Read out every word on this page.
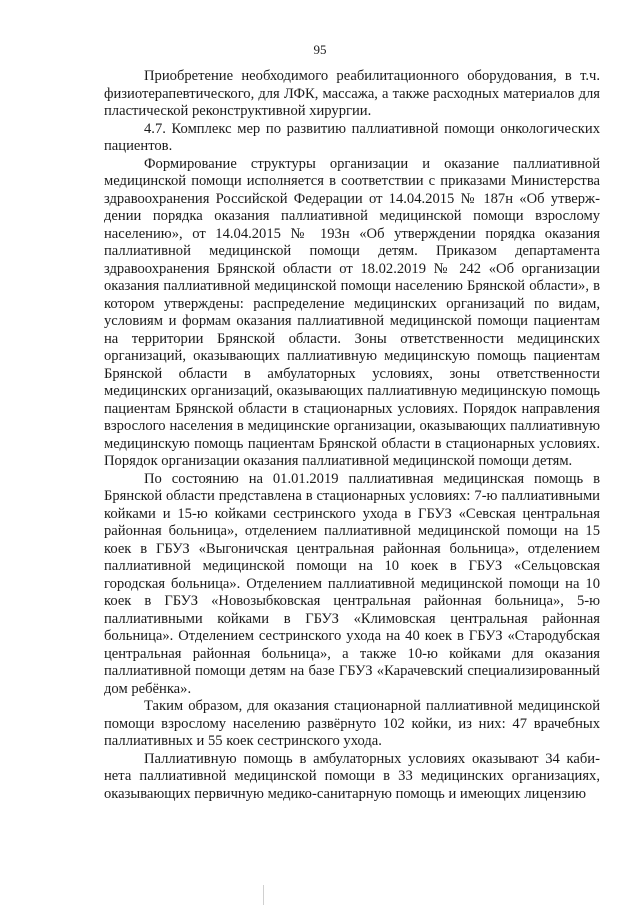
95

Приобретение необходимого реабилитационного оборудования, в т.ч. физиотерапевтического, для ЛФК, массажа, а также расходных материалов для пластической реконструктивной хирургии.

4.7. Комплекс мер по развитию паллиативной помощи онкологических пациентов.

Формирование структуры организации и оказание паллиативной медицинской помощи исполняется в соответствии с приказами Министерства здравоохранения Российской Федерации от 14.04.2015 № 187н «Об утверждении порядка оказания паллиативной медицинской помощи взрослому населению», от 14.04.2015 № 193н «Об утверждении порядка оказания паллиативной медицинской помощи детям. Приказом департамента здравоохранения Брянской области от 18.02.2019 № 242 «Об организации оказания паллиативной медицинской помощи населению Брянской области», в котором утверждены: распределение медицинских организаций по видам, условиям и формам оказания паллиативной медицинской помощи пациентам на территории Брянской области. Зоны ответственности медицинских организаций, оказывающих паллиативную медицинскую помощь пациентам Брянской области в амбулаторных условиях, зоны ответственности медицинских организаций, оказывающих паллиативную медицинскую помощь пациентам Брянской области в стационарных условиях. Порядок направления взрослого населения в медицинские организации, оказывающих паллиативную медицинскую помощь пациентам Брянской области в стационарных условиях. Порядок организации оказания паллиативной медицинской помощи детям.

По состоянию на 01.01.2019 паллиативная медицинская помощь в Брянской области представлена в стационарных условиях: 7-ю паллиативными койками и 15-ю койками сестринского ухода в ГБУЗ «Севская центральная районная больница», отделением паллиативной медицинской помощи на 15 коек в ГБУЗ «Выгоничская центральная районная больница», отделением паллиативной медицинской помощи на 10 коек в ГБУЗ «Сельцовская городская больница». Отделением паллиативной медицинской помощи на 10 коек в ГБУЗ «Новозыбковская центральная районная больница», 5-ю паллиативными койками в ГБУЗ «Климовская центральная районная больница». Отделением сестринского ухода на 40 коек в ГБУЗ «Стародубская центральная районная больница», а также 10-ю койками для оказания паллиативной помощи детям на базе ГБУЗ «Карачевский специализированный дом ребёнка».

Таким образом, для оказания стационарной паллиативной медицинской помощи взрослому населению развёрнуто 102 койки, из них: 47 врачебных паллиативных и 55 коек сестринского ухода.

Паллиативную помощь в амбулаторных условиях оказывают 34 кабинета паллиативной медицинской помощи в 33 медицинских организациях, оказывающих первичную медико-санитарную помощь и имеющих лицензию
